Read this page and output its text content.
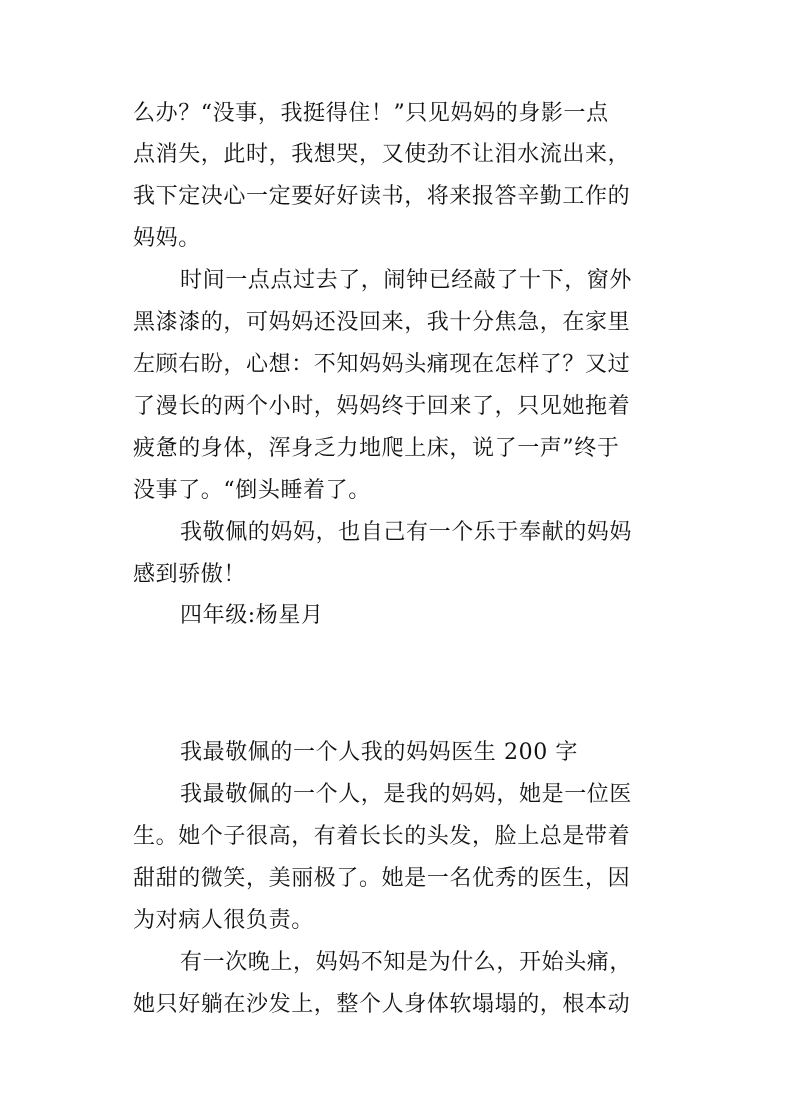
么办？“没事，我挺得住！”只见妈妈的身影一点
点消失，此时，我想哭，又使劲不让泪水流出来，
我下定决心一定要好好读书，将来报答辛勤工作的
妈妈。
时间一点点过去了，闹钟已经敲了十下，窗外
黑漆漆的，可妈妈还没回来，我十分焦急，在家里
左顾右盼，心想：不知妈妈头痛现在怎样了？又过
了漫长的两个小时，妈妈终于回来了，只见她拖着
疲惫的身体，浑身乏力地爬上床，说了一声”终于
没事了。“倒头睡着了。
我敬佩的妈妈，也自己有一个乐于奉献的妈妈
感到骄傲！
四年级:杨星月
我最敬佩的一个人我的妈妈医生 200 字
我最敬佩的一个人，是我的妈妈，她是一位医
生。她个子很高，有着长长的头发，脸上总是带着
甜甜的微笑，美丽极了。她是一名优秀的医生，因
为对病人很负责。
有一次晚上，妈妈不知是为什么，开始头痛，
她只好躺在沙发上，整个人身体软塌塌的，根本动
